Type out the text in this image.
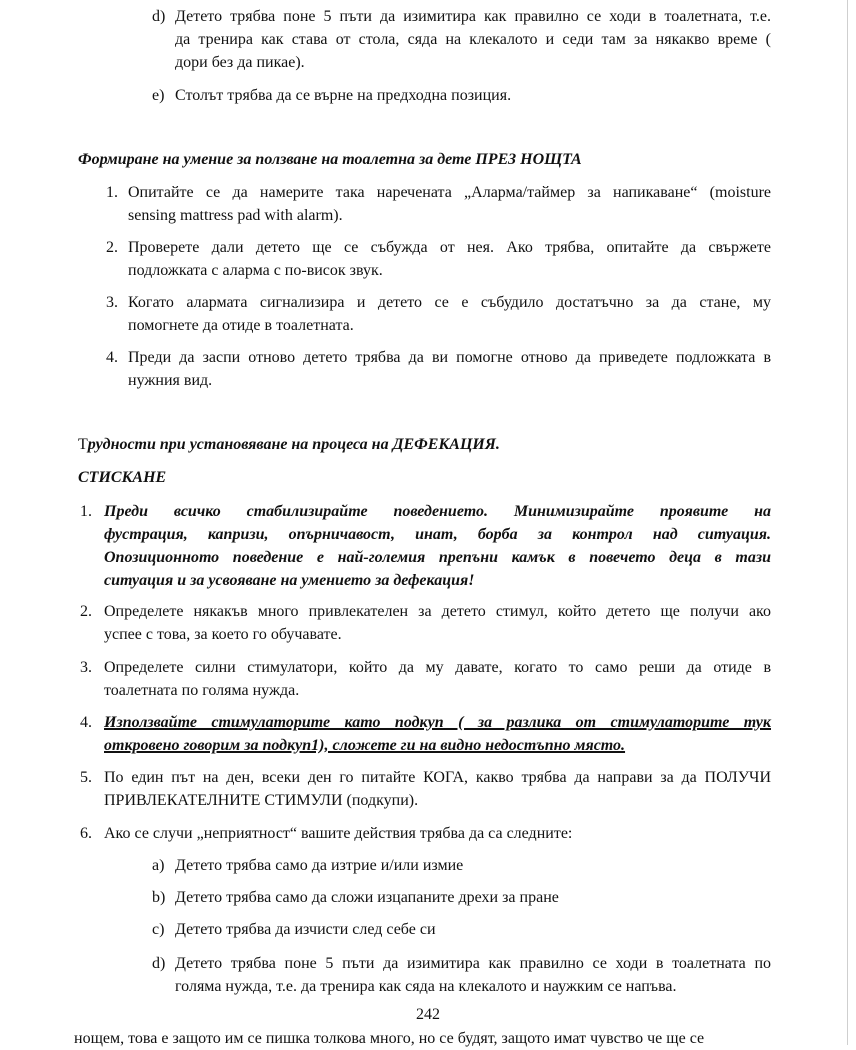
Формиране на умение за ползване на тоалетна за дете ПРЕЗ НОЩТА
Трудности при установяване на процеса на ДЕФЕКАЦИЯ.
СТИСКАНЕ
242
нощем, това е защото им се пишка толкова много, но се будят, защото имат чувство че ще се
d) Детето трябва поне 5 пъти да изимитира как правилно се ходи в тоалетната, т.е.
да тренира как става от стола, сяда на клекалото и седи там за някакво време (
дори без да пикае).
e) Столът трябва да се върне на предходна позиция.
1. Опитайте се да намерите така наречената „Аларма/таймер за напикаване“ (moisture
sensing mattress pad with alarm).
2. Проверете дали детето ще се събужда от нея. Ако трябва, опитайте да свържете
подложката с аларма с по-висок звук.
3. Когато алармата сигнализира и детето се е събудило достатъчно за да стане, му
помогнете да отиде в тоалетната.
4. Преди да заспи отново детето трябва да ви помогне отново да приведете подложката в
нужния вид.
1. Преди всичко стабилизирайте поведението. Минимизирайте проявите на
фустрация, капризи, опърничавост, инат, борба за контрол над ситуация.
Опозиционното поведение е най-големия препъни камък в повечето деца в тази
ситуация и за усвояване на умението за дефекация!
2. Определете някакъв много привлекателен за детето стимул, който детето ще получи ако
успее с това, за което го обучавате.
3. Определете силни стимулатори, който да му давате, когато то само реши да отиде в
тоалетната по голяма нужда.
4. Използвайте стимулаторите като подкуп ( за разлика от стимулаторите тук
откровено говорим за подкуп1), сложете ги на видно недостъпно място.
5. По един път на ден, всеки ден го питайте КОГА, какво трябва да направи за да ПОЛУЧИ
ПРИВЛЕКАТЕЛНИТЕ СТИМУЛИ (подкупи).
6. Ако се случи „неприятност“ вашите действия трябва да са следните:
a) Детето трябва само да изтрие и/или измие
b) Детето трябва само да сложи изцапаните дрехи за пране
c) Детето трябва да изчисти след себе си
d) Детето трябва поне 5 пъти да изимитира как правилно се ходи в тоалетната по
голяма нужда, т.е. да тренира как сяда на клекалото и наужким се напъва.
